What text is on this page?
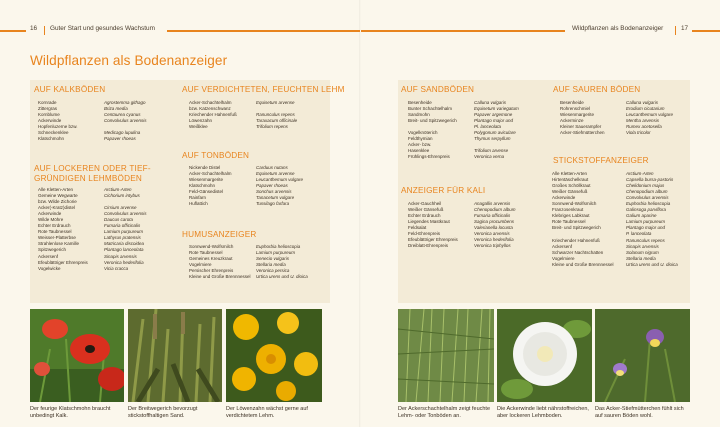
16 Guter Start und gesundes Wachstum	Wildpflanzen als Bodenanzeiger	17
Wildpflanzen als Bodenanzeiger
AUF KALKBÖDEN
Kornrade
Zittergras
Kornblume
Ackerwinde
Hopfenluzerne bzw.
Schneckenklee
Klatschmohn
Agrostemma githago
Briza media
Centaurea cyanus
Convolvulus arvensis
Medicago lupulina
Papaver rhoeas
AUF LOCKEREN ODER TIEF-
GRÜNDIGEN LEHMBÖDEN
Alle Kletten-Arten
Gemeine Wegwarte
bzw. Wilde Zichorie
Acker(-Kratz)distel
Ackerwinde
Wilde Möhre
Echter Erdrauch
Rote Taubnessel
Weisser-Platterbse
Strahlenlose Kamille
Spitzwegerich
Ackersenf
Efeublättriger Ehrenpreis
Vogelwicke
Arctium-Arten
Cichorium intybus
Cirsium arvense
Convolvulus arvensis
Daucus carota
Fumaria officinalis
Lamium purpureum
Lathyrus pratensis
Matricaria discoidea
Plantago lanceolata
Sinapis arvensis
Veronica hederifolia
Vicia cracca
AUF VERDICHTETEN, FEUCHTEN LEHM
Acker-Schachtelhalm
bzw. Katzenschwanz
Kriechender Hahnenfuß
Löwenzahn
Weißklee
Equisetum arvense
Ranunculus repens
Taraxacum officinale
Trifolium repens
AUF TONBÖDEN
Nickende Distel
Acker-Schachtelhalm
Wiesenmargerite
Klatschmohn
Feld-Gänsedistel
Rainfarn
Huflattich
Carduus nutans
Equisetum arvense
Leucanthemum vulgare
Papaver rhoeas
Sonchus arvensis
Tanacetum vulgare
Tussilago farfara
HUMUSANZEIGER
Sonnwend-Wolfsmilch
Rote Taubnessel
Gemeines Kreuzkraut
Vogelmiere
Persischer Ehrenpreis
Kleine und Große Brennnessel
Euphorbia helioscopia
Lamium purpureum
Senecio vulgaris
Stellaria media
Veronica persica
Urtica urens und U. dioica
AUF SANDBÖDEN
Besenheide
Bunter Schachtelhalm
Sandmohn
Breit- und Spitzwegerich
Vogelknöterich
Feldthymian
Acker- bzw.
Hasenklee
Frühlings-Ehrenpreis
Calluna vulgaris
Equisetum variegatum
Papaver argemone
Plantago major und
Pl. lanceolata
Polygonum aviculare
Thymus serpyllum
Trifolium arvense
Veronica verna
ANZEIGER FÜR KALI
Acker-Gauchheil
Weißer Gänsefuß
Echter Erdrauch
Liegendes Mastkraut
Feldsalat
Feld-Ehrenpreis
Efeublättriger Ehrenpreis
Dreiblatt-Ehrenpreis
Anagallis arvensis
Chenopodium album
Fumaria officinalis
Sagina procumbens
Valerianella locusta
Veronica arvensis
Veronica hederifolia
Veronica triphyllos
AUF SAUREN BÖDEN
Besenheide
Rohrenschmiel
Wiesenmargerite
Ackerminze
Kleiner Sauerampfer
Acker-Stiefmütterchen
Calluna vulgaris
Erodium cicutarium
Leucanthemum vulgare
Mentha arvensis
Rumex acetosella
Viola tricolor
STICKSTOFFANZEIGER
Alle Kletten-Arten
Hirtentäschelkraut
Großes Schöllkraut
Weißer Gänsefuß
Ackerwinde
Sonnwend-Wolfsmilch
Franzosenkraut
Klebriges Labkraut
Rote Taubnessel
Breit- und Spitzwegerich
Kriechender Hahnenfuß
Ackersenf
Schwarzer Nachtschatten
Vogelmiere
Kleine und Große Brennnessel
Arctium-Arten
Capsella bursa-pastoris
Chelidonium majus
Chenopodium album
Convolvulus arvensis
Euphorbia helioscopia
Galinsoga parviflora
Galium aparine
Lamium purpureum
Plantago major und
P. lanceolata
Ranunculus repens
Sinapis arvensis
Solanum nigrum
Stellaria media
Urtica urens und U. dioica
Der feurige Klatschmohn braucht
unbedingt Kalk.
Der Breitwegerich bevorzugt
stickstoffhaltigen Sand.
Der Löwenzahn wächst gerne auf
verdichtetem Lehm.
Der Ackerschachtelhalm zeigt feuchte
Lehm- oder Tonböden an.
Die Ackerwinde liebt nährstoffreichen,
aber lockeren Lehmboden.
Das Acker-Stiefmütterchen fühlt sich
auf sauren Böden wohl.
